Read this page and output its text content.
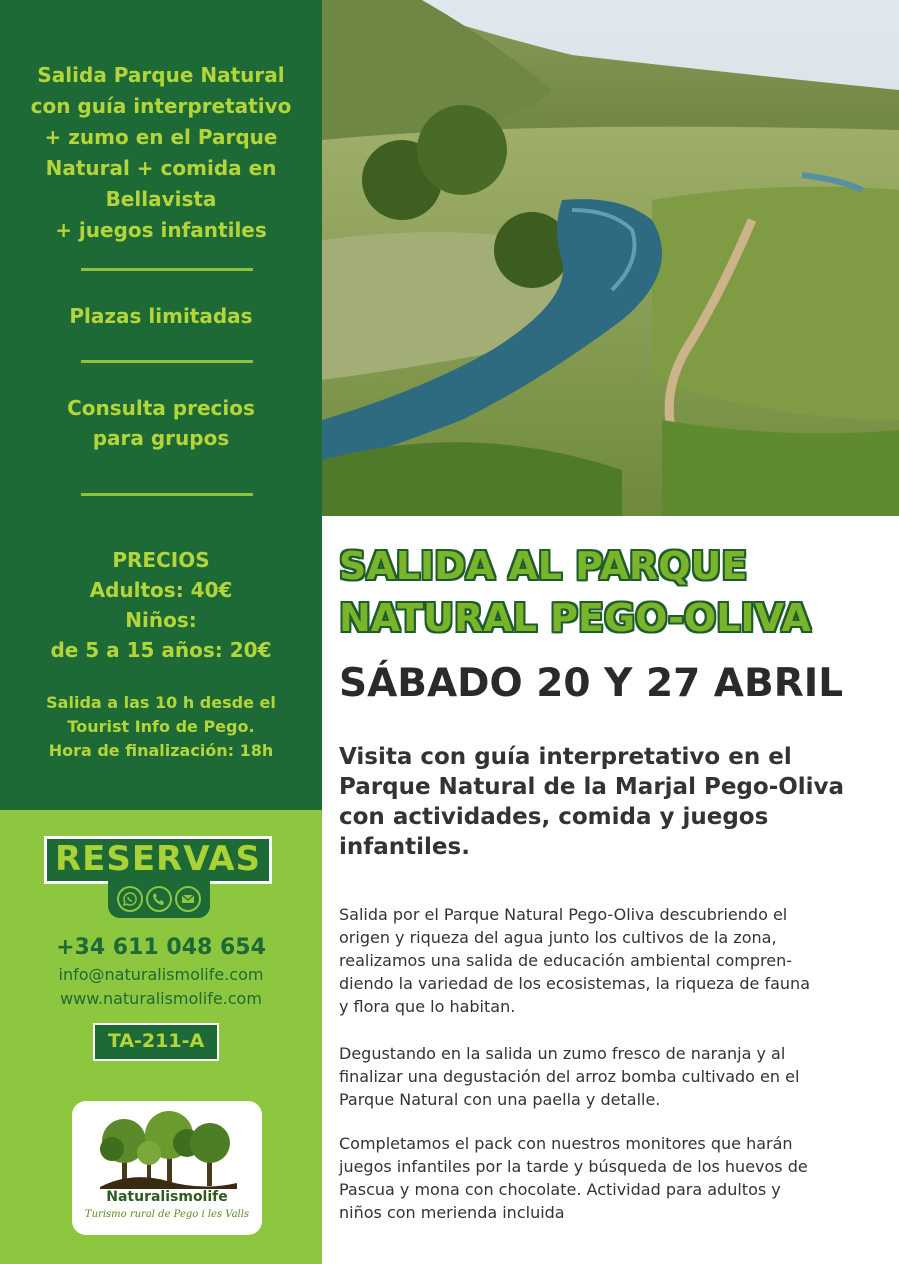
Salida Parque Natural
con guía interpretativo
+ zumo en el Parque
Natural + comida en
Bellavista
+ juegos infantiles
Plazas limitadas
Consulta precios
para grupos
PRECIOS
Adultos: 40€
Niños:
de 5 a 15 años: 20€
Salida a las 10 h desde el
Tourist Info de Pego.
Hora de finalización: 18h
RESERVAS
+34 611 048 654
info@naturalismolife.com
www.naturalismolife.com
TA-211-A
Naturalismolife
Turismo rural de Pego i les Valls
SALIDA AL PARQUE
NATURAL PEGO-OLIVA
SÁBADO 20 Y 27 ABRIL
Visita con guía interpretativo en el
Parque Natural de la Marjal Pego-Oliva
con actividades, comida y juegos
infantiles.
Salida por el Parque Natural Pego-Oliva descubriendo el
origen y riqueza del agua junto los cultivos de la zona,
realizamos una salida de educación ambiental compren-
diendo la variedad de los ecosistemas, la riqueza de fauna
y flora que lo habitan.
Degustando en la salida un zumo fresco de naranja y al
finalizar una degustación del arroz bomba cultivado en el
Parque Natural con una paella y detalle.
Completamos el pack con nuestros monitores que harán
juegos infantiles por la tarde y búsqueda de los huevos de
Pascua y mona con chocolate. Actividad para adultos y
niños con merienda incluida
